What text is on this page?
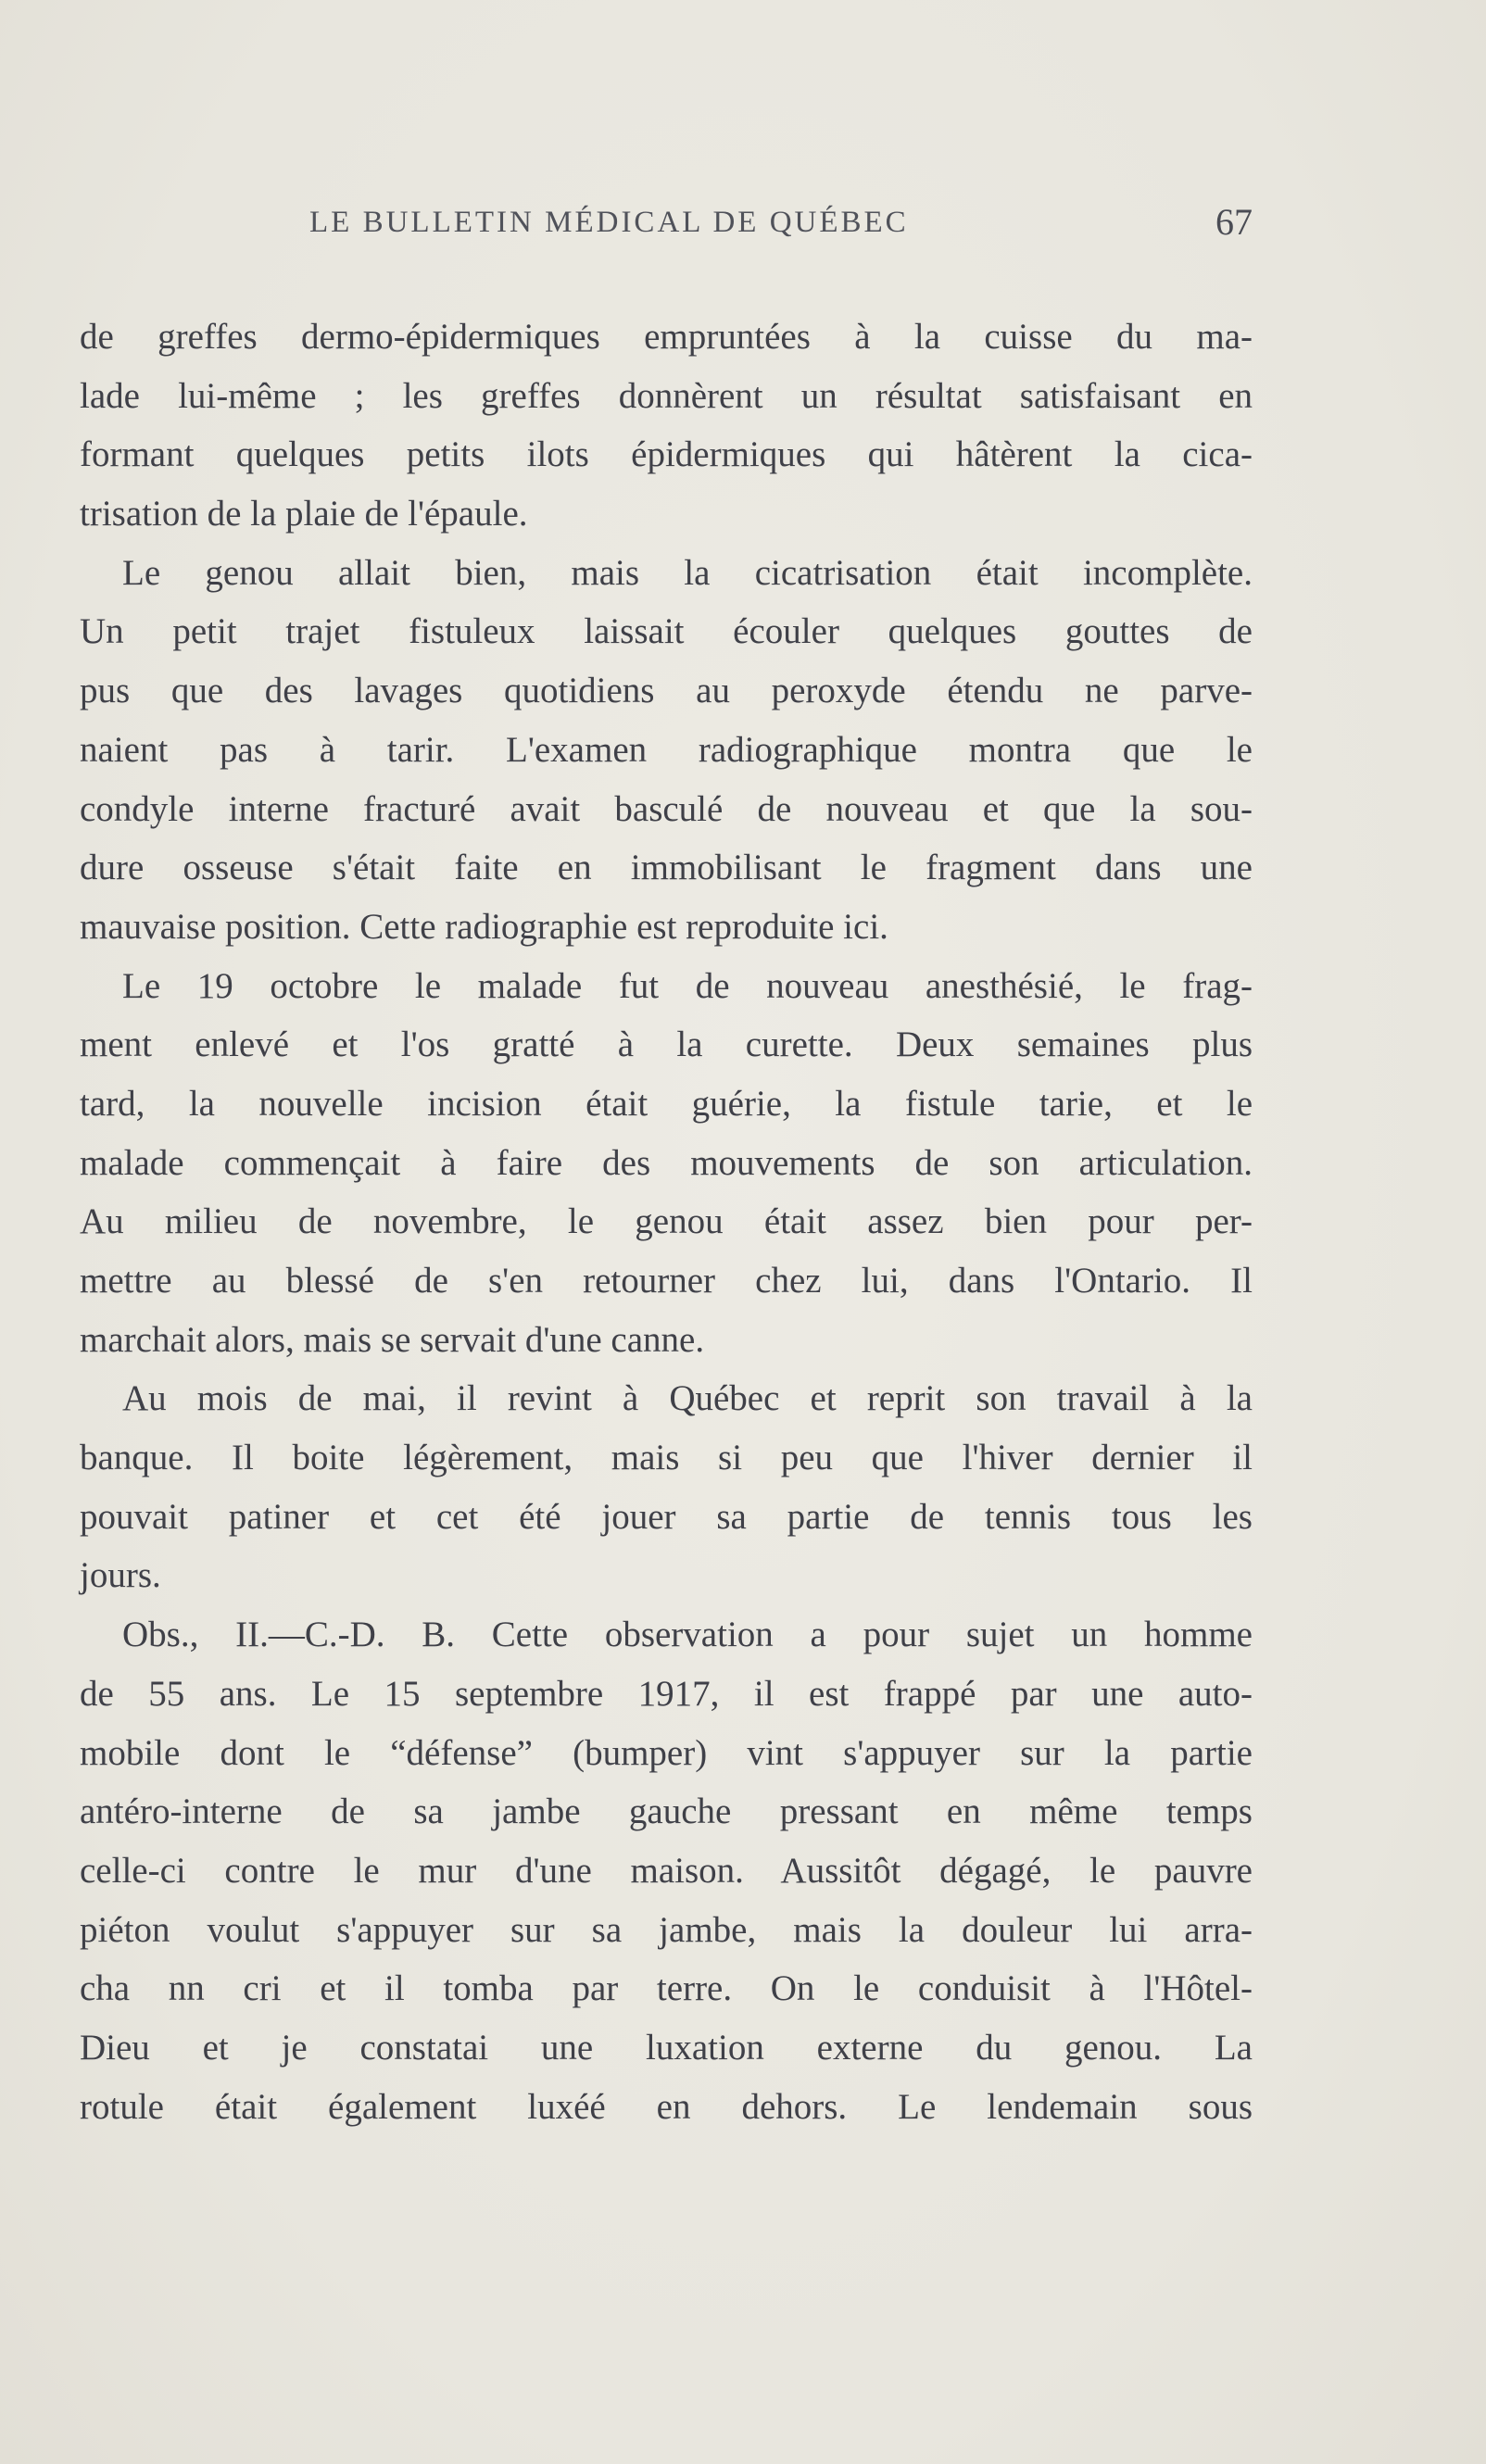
LE BULLETIN MÉDICAL DE QUÉBEC	67
de greffes dermo-épidermiques empruntées à la cuisse du ma-
lade lui-même ; les greffes donnèrent un résultat satisfaisant en
formant quelques petits ilots épidermiques qui hâtèrent la cica-
trisation de la plaie de l'épaule.
Le genou allait bien, mais la cicatrisation était incomplète.
Un petit trajet fistuleux laissait écouler quelques gouttes de
pus que des lavages quotidiens au peroxyde étendu ne parve-
naient pas à tarir. L'examen radiographique montra que le
condyle interne fracturé avait basculé de nouveau et que la sou-
dure osseuse s'était faite en immobilisant le fragment dans une
mauvaise position. Cette radiographie est reproduite ici.
Le 19 octobre le malade fut de nouveau anesthésié, le frag-
ment enlevé et l'os gratté à la curette. Deux semaines plus
tard, la nouvelle incision était guérie, la fistule tarie, et le
malade commençait à faire des mouvements de son articulation.
Au milieu de novembre, le genou était assez bien pour per-
mettre au blessé de s'en retourner chez lui, dans l'Ontario. Il
marchait alors, mais se servait d'une canne.
Au mois de mai, il revint à Québec et reprit son travail à la
banque. Il boite légèrement, mais si peu que l'hiver dernier il
pouvait patiner et cet été jouer sa partie de tennis tous les
jours.
Obs., II.—C.-D. B. Cette observation a pour sujet un homme
de 55 ans. Le 15 septembre 1917, il est frappé par une auto-
mobile dont le “défense” (bumper) vint s'appuyer sur la partie
antéro-interne de sa jambe gauche pressant en même temps
celle-ci contre le mur d'une maison. Aussitôt dégagé, le pauvre
piéton voulut s'appuyer sur sa jambe, mais la douleur lui arra-
cha nn cri et il tomba par terre. On le conduisit à l'Hôtel-
Dieu et je constatai une luxation externe du genou. La
rotule était également luxéé en dehors. Le lendemain sous
